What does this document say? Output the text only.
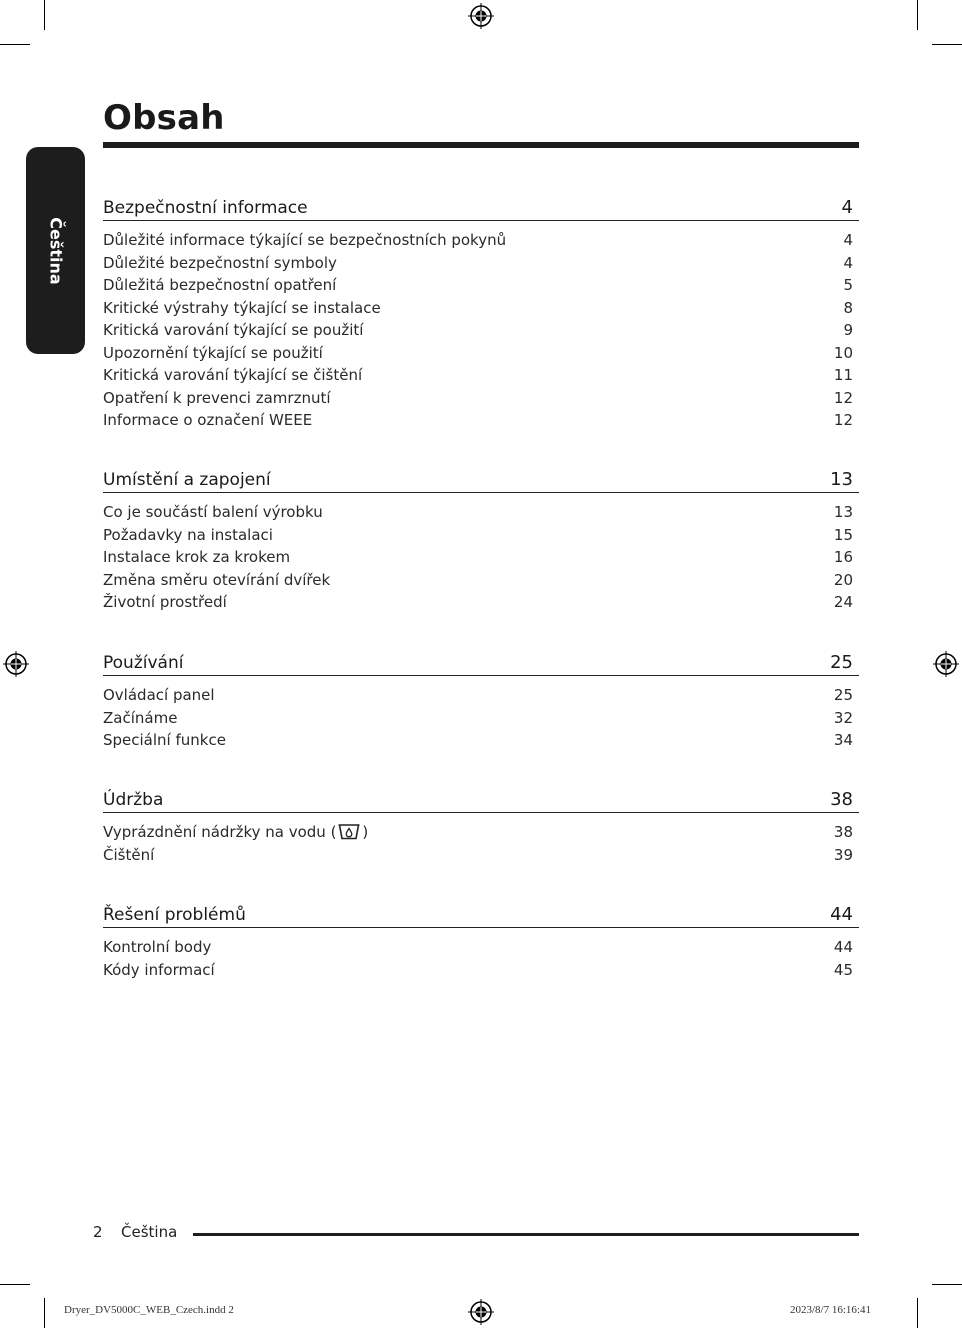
Čeština
Obsah
Bezpečnostní informace	4
Důležité informace týkající se bezpečnostních pokynů	4
Důležité bezpečnostní symboly	4
Důležitá bezpečnostní opatření	5
Kritické výstrahy týkající se instalace	8
Kritická varování týkající se použití	9
Upozornění týkající se použití	10
Kritická varování týkající se čištění	11
Opatření k prevenci zamrznutí	12
Informace o označení WEEE	12
Umístění a zapojení	13
Co je součástí balení výrobku	13
Požadavky na instalaci	15
Instalace krok za krokem	16
Změna směru otevírání dvířek	20
Životní prostředí	24
Používání	25
Ovládací panel	25
Začínáme	32
Speciální funkce	34
Údržba	38
Vyprázdnění nádržky na vodu ( )	38
Čištění	39
Řešení problémů	44
Kontrolní body	44
Kódy informací	45
2 Čeština
Dryer_DV5000C_WEB_Czech.indd 2	2023/8/7 16:16:41
